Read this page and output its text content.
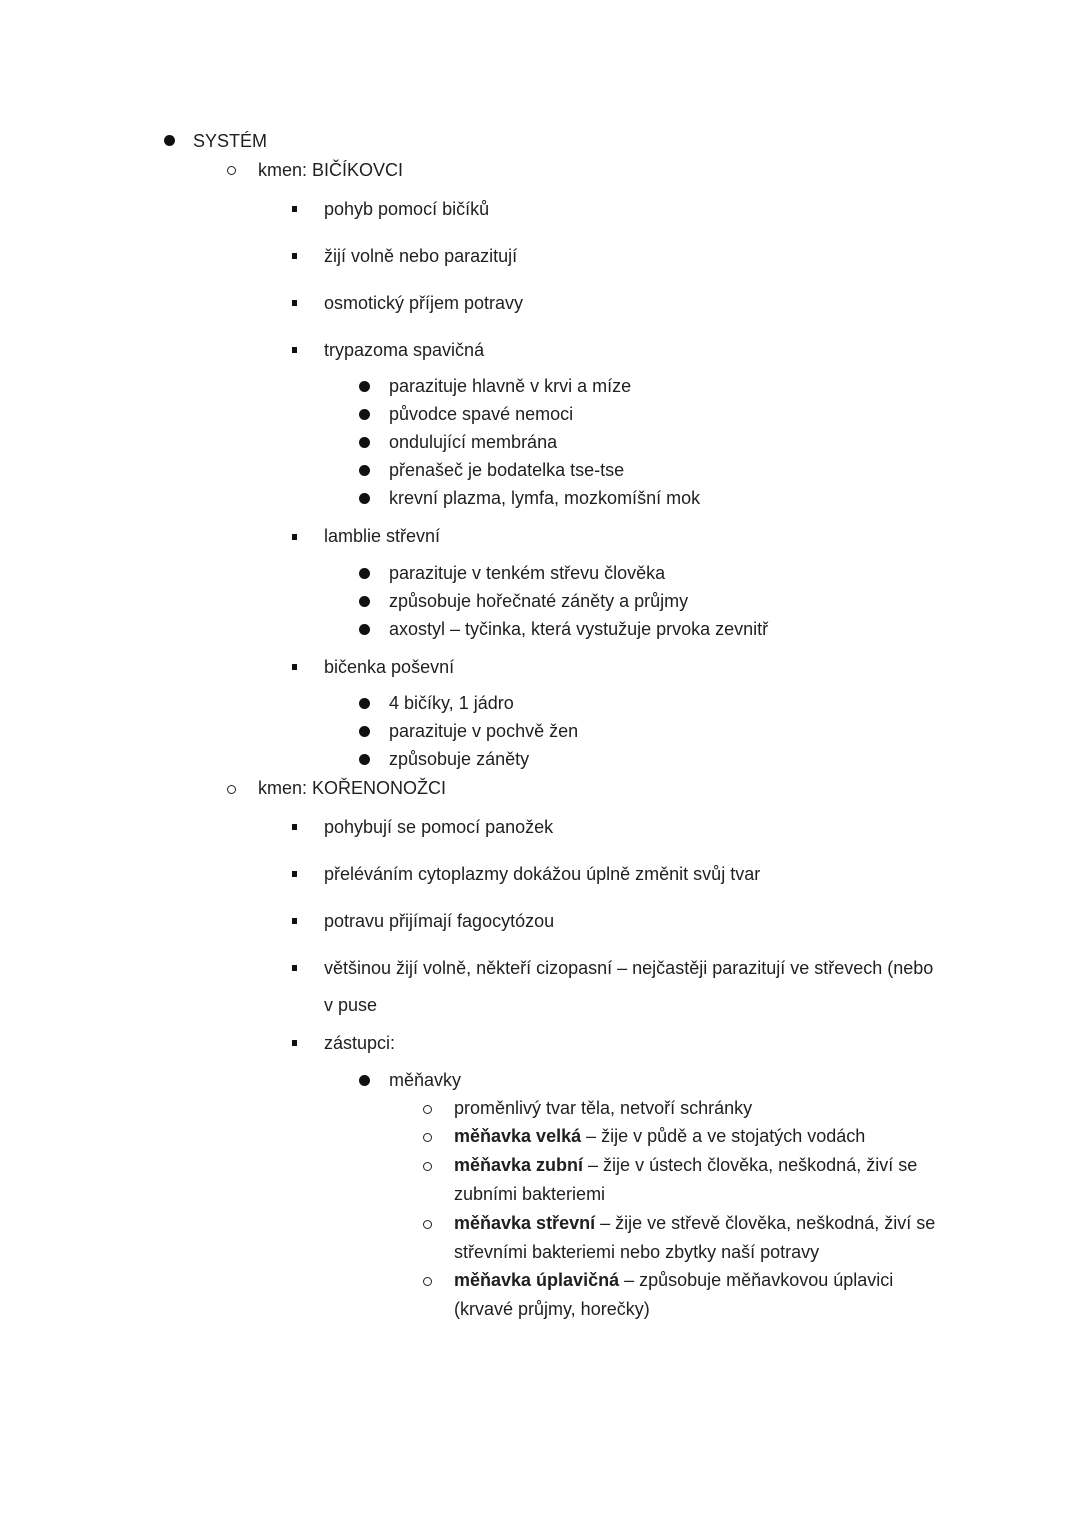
SYSTÉM
kmen: BIČÍKOVCI
pohyb pomocí bičíků
žijí volně nebo parazitují
osmotický příjem potravy
trypazoma spavičná
parazituje hlavně v krvi a míze
původce spavé nemoci
ondulující membrána
přenašeč je bodatelka tse-tse
krevní plazma, lymfa, mozkomíšní mok
lamblie střevní
parazituje v tenkém střevu člověka
způsobuje hořečnaté záněty a průjmy
axostyl – tyčinka, která vystužuje prvoka zevnitř
bičenka poševní
4 bičíky, 1 jádro
parazituje v pochvě žen
způsobuje záněty
kmen: KOŘENONOŽCI
pohybují se pomocí panožek
přeléváním cytoplazmy dokážou úplně změnit svůj tvar
potravu přijímají fagocytózou
většinou žijí volně, někteří cizopasní – nejčastěji parazitují ve střevech (nebo
v puse
zástupci:
měňavky
proměnlivý tvar těla, netvoří schránky
měňavka velká – žije v půdě a ve stojatých vodách
měňavka zubní – žije v ústech člověka, neškodná, živí se
zubními bakteriemi
měňavka střevní – žije ve střevě člověka, neškodná, živí se
střevními bakteriemi nebo zbytky naší potravy
měňavka úplavičná – způsobuje měňavkovou úplavici
(krvavé průjmy, horečky)
